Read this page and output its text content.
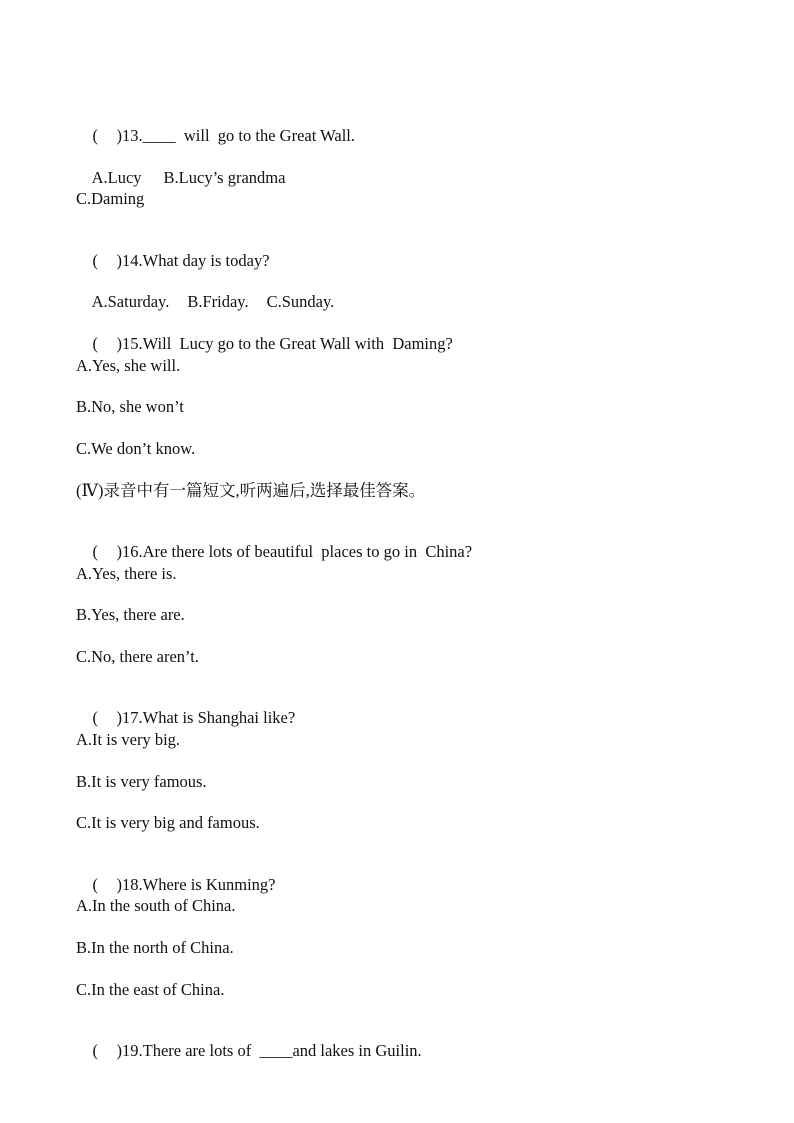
( )13.____  will  go to the Great Wall.

A.Lucy B.Lucy’s grandma

C.Daming

( )14.What day is today?

A.Saturday. B.Friday. C.Sunday.

( )15.Will  Lucy go to the Great Wall with  Daming?

A.Yes, she will.
B.No, she won’t
C.We don’t know.
(Ⅳ)录音中有一篇短文,听两遍后,选择最佳答案。

( )16.Are there lots of beautiful  places to go in  China?

A.Yes, there is.
B.Yes, there are.
C.No, there aren’t.

( )17.What is Shanghai like?

A.It is very big.
B.It is very famous.
C.It is very big and famous.

( )18.Where is Kunming?

A.In the south of China.
B.In the north of China.
C.In the east of China.

( )19.There are lots of  ____and lakes in Guilin.
